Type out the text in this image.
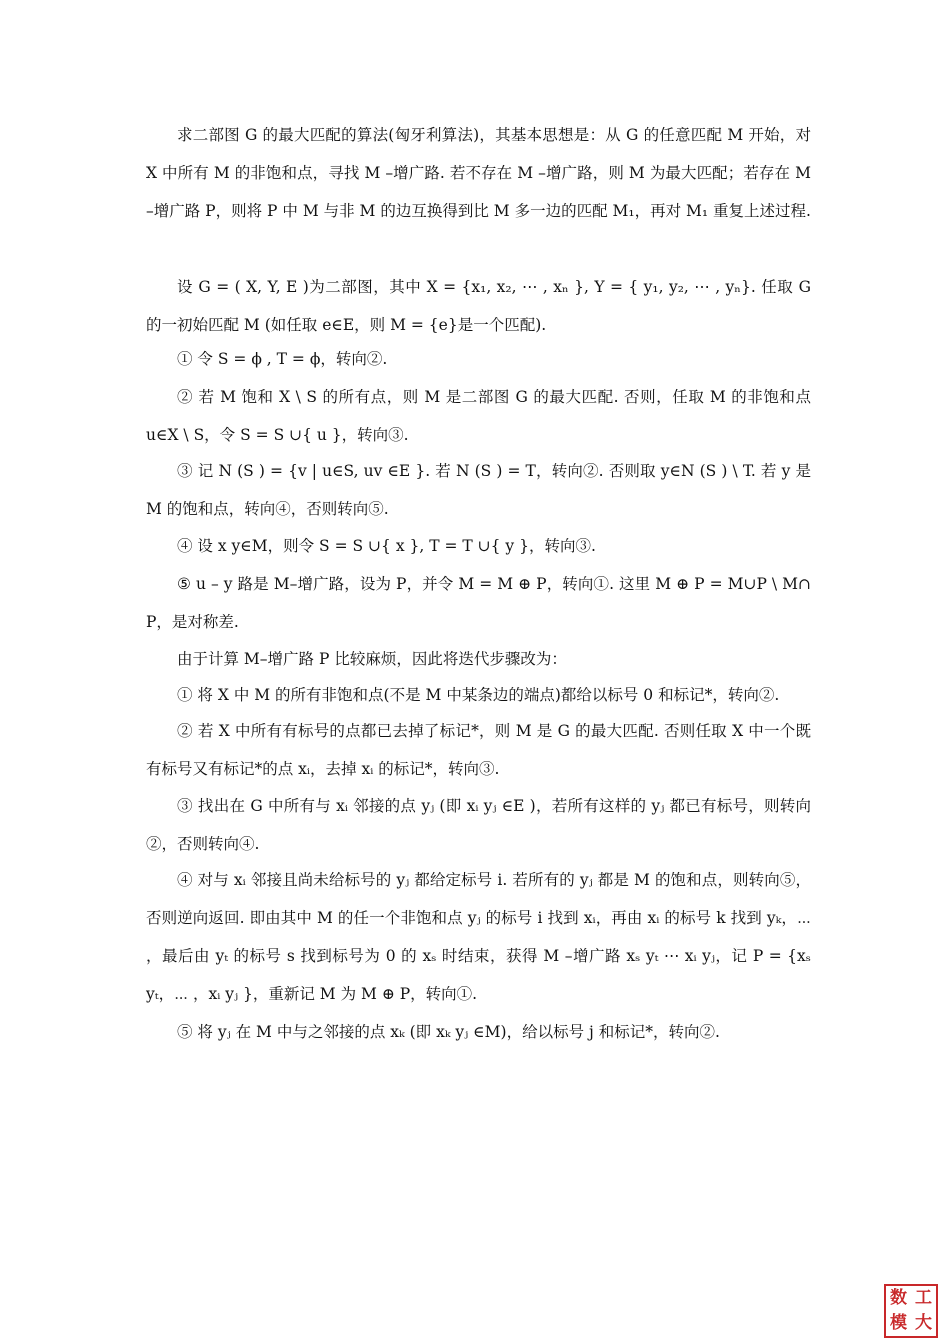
求二部图 G 的最大匹配的算法(匈牙利算法)，其基本思想是：从 G 的任意匹配 M 开始，对 X 中所有 M 的非饱和点，寻找 M –增广路. 若不存在 M –增广路，则 M 为最大匹配；若存在 M –增广路 P，则将 P 中 M 与非 M 的边互换得到比 M 多一边的匹配 M₁，再对 M₁ 重复上述过程.

设 G = ( X, Y, E )为二部图，其中 X = {x₁, x₂, ⋯ , xₙ }, Y = { y₁, y₂, ⋯ , yₙ}. 任取 G 的一初始匹配 M (如任取 e∈E，则 M = {e}是一个匹配).

① 令 S = ϕ , T = ϕ，转向②.

② 若 M 饱和 X \ S 的所有点，则 M 是二部图 G 的最大匹配. 否则，任取 M 的非饱和点 u∈X \ S，令 S = S ∪{ u }，转向③.

③ 记 N (S ) = {v | u∈S, uv ∈E }. 若 N (S ) = T，转向②. 否则取 y∈N (S ) \ T. 若 y 是 M 的饱和点，转向④，否则转向⑤.

④ 设 x y∈M，则令 S = S ∪{ x }, T = T ∪{ y }，转向③.

⑤ u – y 路是 M–增广路，设为 P，并令 M = M ⊕ P，转向①. 这里 M ⊕ P = M∪P \ M∩ P，是对称差.

由于计算 M–增广路 P 比较麻烦，因此将迭代步骤改为：

① 将 X 中 M 的所有非饱和点(不是 M 中某条边的端点)都给以标号 0 和标记*，转向②.

② 若 X 中所有有标号的点都已去掉了标记*，则 M 是 G 的最大匹配. 否则任取 X 中一个既有标号又有标记*的点 xᵢ，去掉 xᵢ 的标记*，转向③.

③ 找出在 G 中所有与 xᵢ 邻接的点 yⱼ (即 xᵢ yⱼ ∈E )，若所有这样的 yⱼ 都已有标号，则转向②，否则转向④.

④ 对与 xᵢ 邻接且尚未给标号的 yⱼ 都给定标号 i. 若所有的 yⱼ 都是 M 的饱和点，则转向⑤，否则逆向返回. 即由其中 M 的任一个非饱和点 yⱼ 的标号 i 找到 xᵢ，再由 xᵢ 的标号 k 找到 yₖ，⋯ ，最后由 yₜ 的标号 s 找到标号为 0 的 xₛ 时结束，获得 M –增广路 xₛ yₜ ⋯ xᵢ yⱼ，记 P = {xₛ yₜ，⋯ ，xᵢ yⱼ }，重新记 M 为 M ⊕ P，转向①.

⑤ 将 yⱼ 在 M 中与之邻接的点 xₖ (即 xₖ yⱼ ∈M)，给以标号 j 和标记*，转向②.

数 工
模 大
